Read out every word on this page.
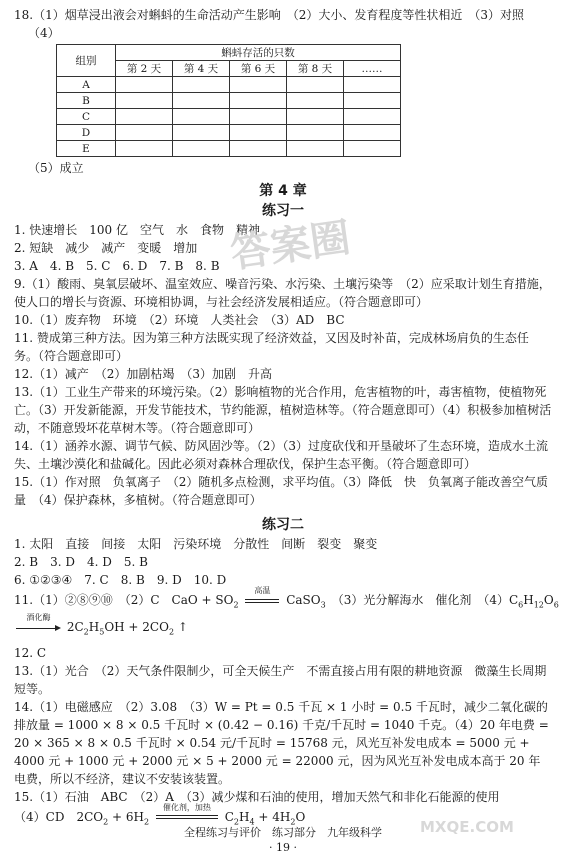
18.（1）烟草浸出液会对蝌蚪的生命活动产生影响　（2）大小、发育程度等性状相近　（3）对照
（4）
组别	蝌蚪存活的只数				
	第 2 天	第 4 天	第 6 天	第 8 天	……
A					
B					
C					
D					
E					
（5）成立
第 4 章
练习一
1. 快速增长　100 亿　空气　水　食物　精神
2. 短缺　减少　减产　变暖　增加
3. A　4. B　5. C　6. D　7. B　8. B
9.（1）酸雨、臭氧层破坏、温室效应、噪音污染、水污染、土壤污染等　（2）应采取计划生育措施，使人口的增长与资源、环境相协调，与社会经济发展相适应。（符合题意即可）
10.（1）废弃物　环境　（2）环境　人类社会　（3）AD　BC
11. 赞成第三种方法。因为第三种方法既实现了经济效益，又因及时补苗，完成林场肩负的生态任务。（符合题意即可）
12.（1）减产　（2）加剧枯竭　（3）加剧　升高
13.（1）工业生产带来的环境污染。（2）影响植物的光合作用，危害植物的叶，毒害植物，使植物死亡。（3）开发新能源，开发节能技术，节约能源，植树造林等。（符合题意即可）（4）积极参加植树活动，不随意毁坏花草树木等。（符合题意即可）
14.（1）涵养水源、调节气候、防风固沙等。（2）（3）过度砍伐和开垦破坏了生态环境，造成水土流失、土壤沙漠化和盐碱化。因此必须对森林合理砍伐，保护生态平衡。（符合题意即可）
15.（1）作对照　负氧离子　（2）随机多点检测，求平均值。（3）降低　快　负氧离子能改善空气质量　（4）保护森林，多植树。（符合题意即可）
练习二
1. 太阳　直接　间接　太阳　污染环境　分散性　间断　裂变　聚变
2. B　3. D　4. D　5. B
6. ①②③④　7. C　8. B　9. D　10. D
11.（1）②⑧⑨⑩　（2）C　CaO + $SO_2$
高温
CaSO$_3$　（3）光分解海水　催化剂　$(4)C_6H_{12}O_6$
酒化酶
$2C_2H_5OH + 2CO_2$ ↑
12. C
13.（1）光合　（2）天气条件限制少，可全天候生产　不需直接占用有限的耕地资源　微藻生长周期短等。
14.（1）电磁感应　（2）3.08　（3）W = Pt = 0.5 千瓦 × 1 小时 = 0.5 千瓦时，减少二氧化碳的排放量 = 1000 × 8 × 0.5 千瓦时 × (0.42 − 0.16) 千克/千瓦时 = 1040 千克。（4）20 年电费 = 20 × 365 × 8 × 0.5 千瓦时 × 0.54 元/千瓦时 = 15768 元，风光互补发电成本 = 5000 元 + 4000 元 + 1000 元 + 2000 元 × 5 + 2000 元 = 22000 元，因为风光互补发电成本高于 20 年电费，所以不经济，建议不安装该装置。
15.（1）石油　ABC　（2）A　（3）减少煤和石油的使用，增加天然气和非化石能源的使用
（4）CD　$2CO_2 + 6H_2$
催化剂，加热
$C_2H_4 + 4H_2O$
答案圈
MXQE.COM
全程练习与评价　练习部分　九年级科学
· 19 ·
